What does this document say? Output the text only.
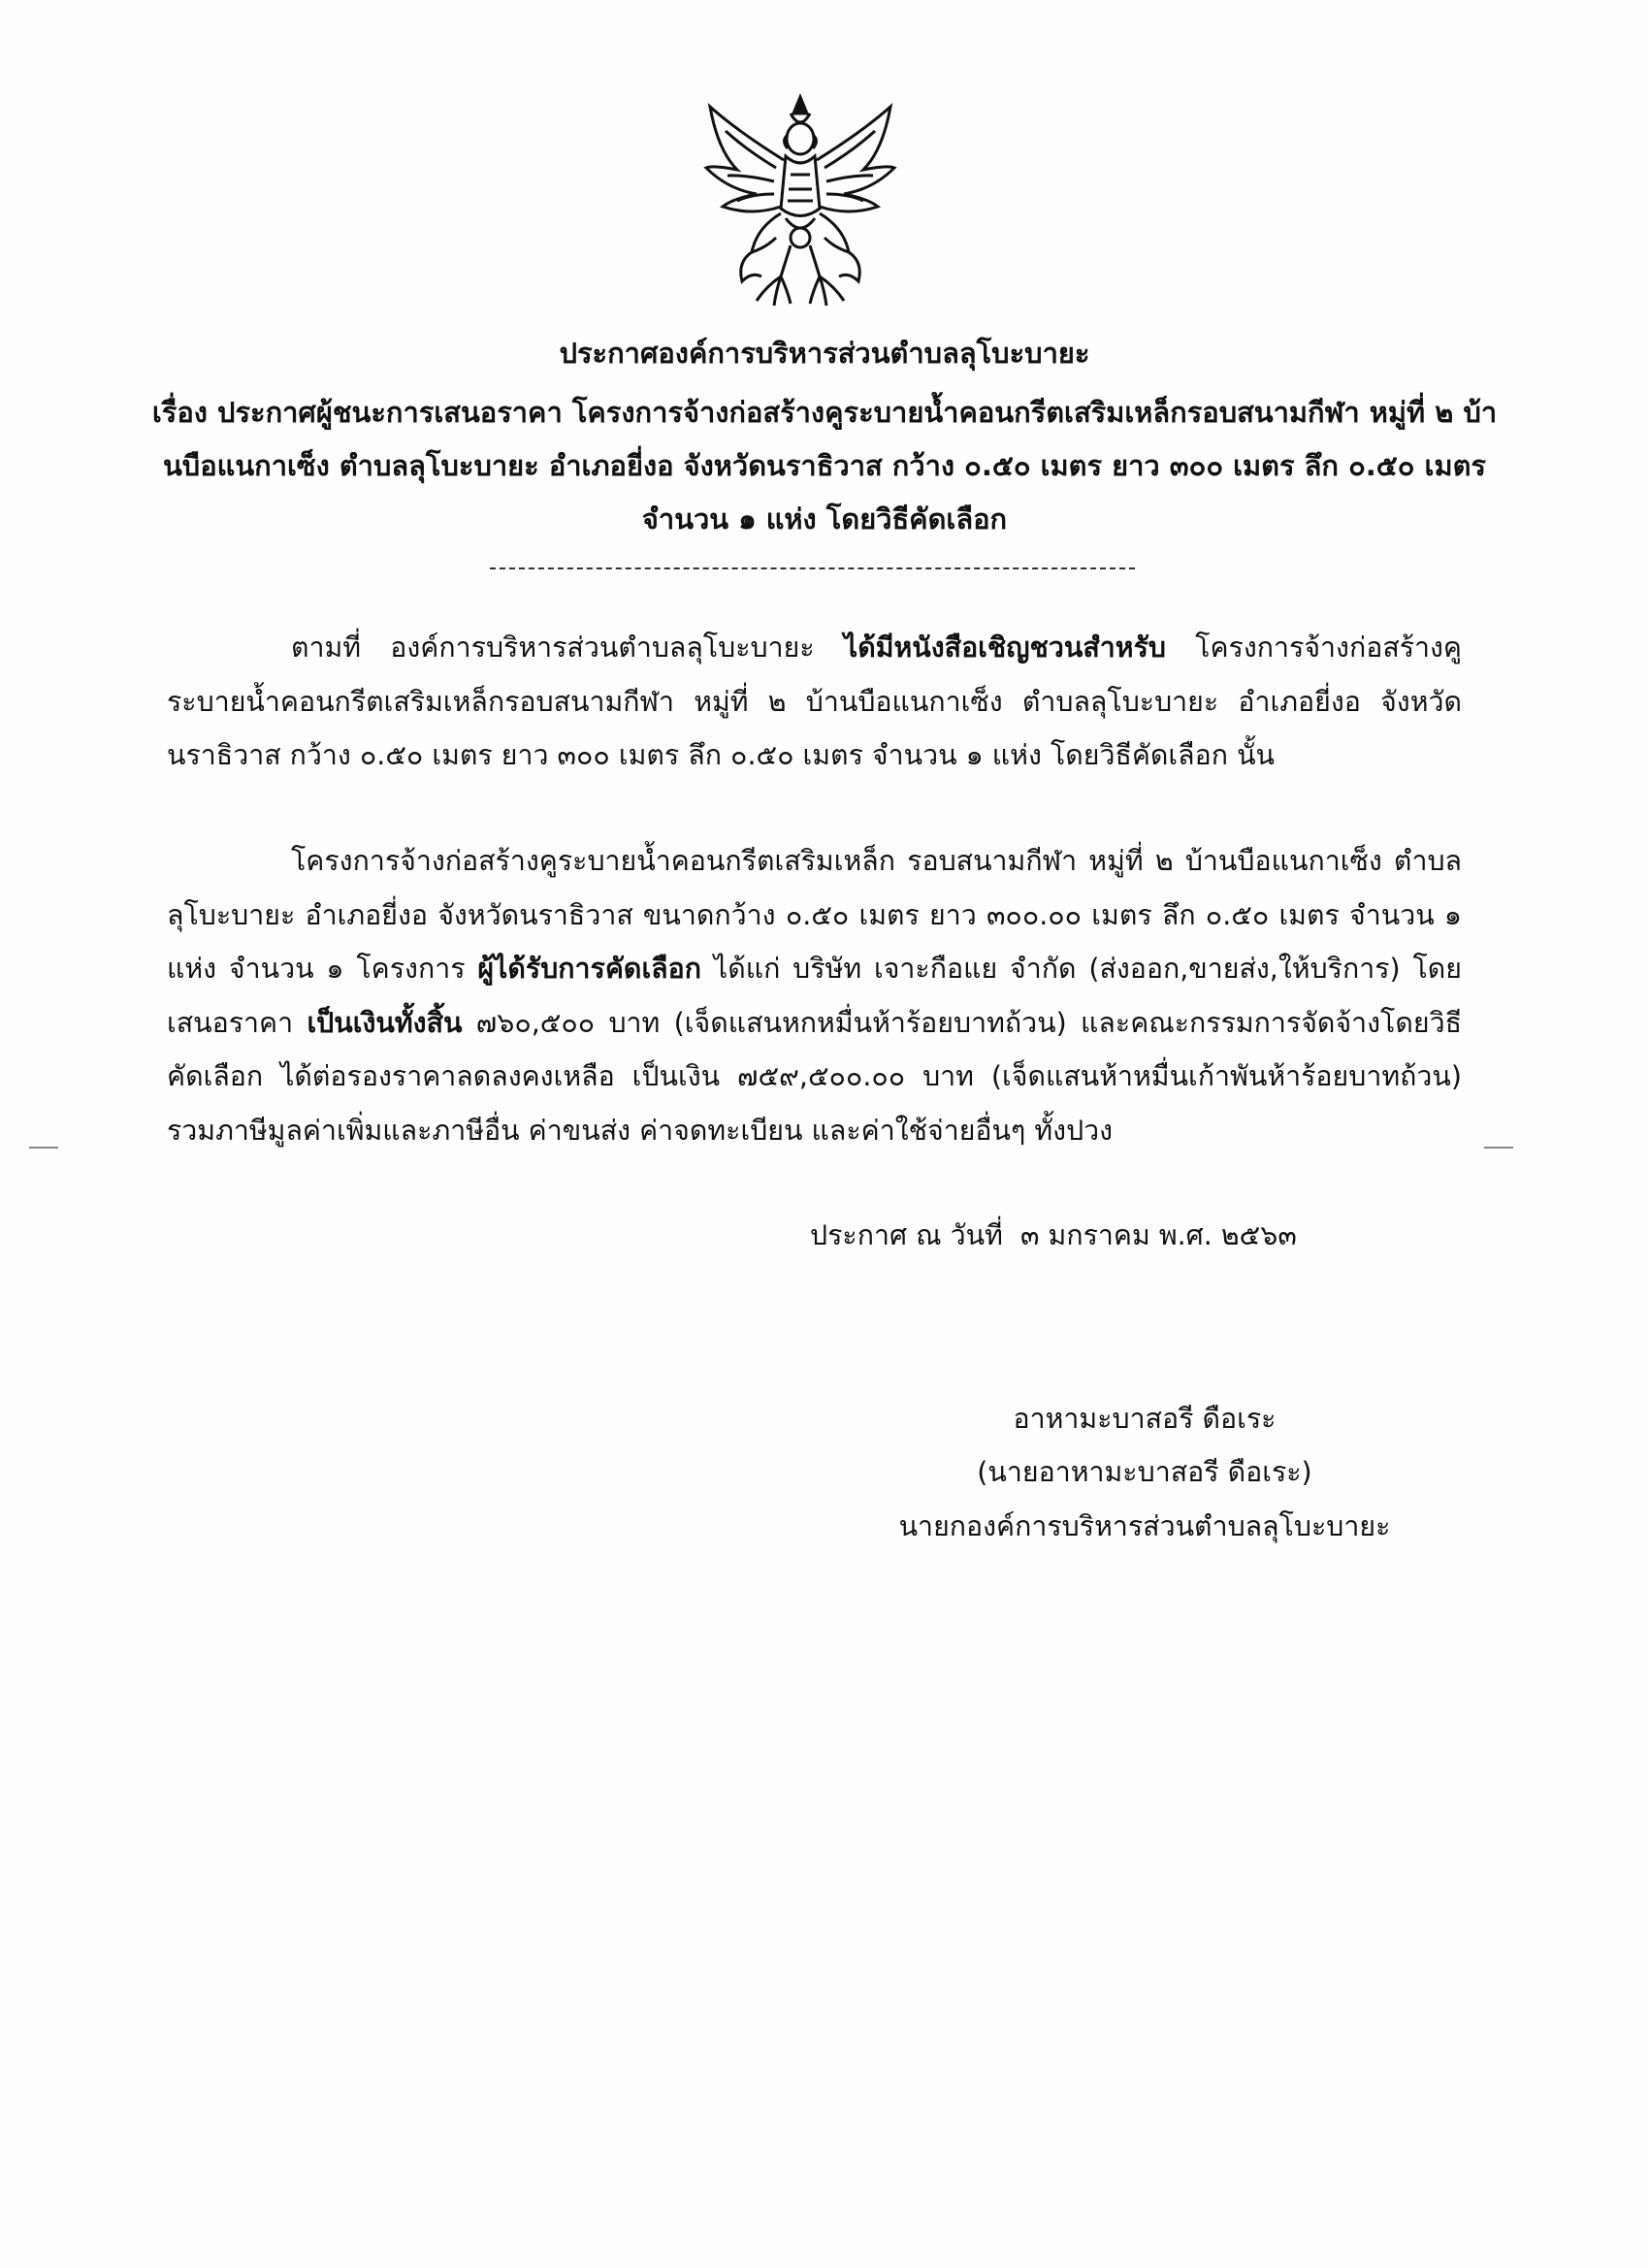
ประกาศองค์การบริหารส่วนตำบลลุโบะบายะ
เรื่อง ประกาศผู้ชนะการเสนอราคา โครงการจ้างก่อสร้างคูระบายน้ำคอนกรีตเสริมเหล็กรอบสนามกีฬา หมู่ที่ ๒ บ้านบือแนกาเซ็ง ตำบลลุโบะบายะ อำเภอยี่งอ จังหวัดนราธิวาส กว้าง ๐.๕๐ เมตร ยาว ๓๐๐ เมตร ลึก ๐.๕๐ เมตร จำนวน ๑ แห่ง โดยวิธีคัดเลือก
ตามที่ องค์การบริหารส่วนตำบลลุโบะบายะ ได้มีหนังสือเชิญชวนสำหรับ โครงการจ้างก่อสร้างคูระบายน้ำคอนกรีตเสริมเหล็กรอบสนามกีฬา หมู่ที่ ๒ บ้านบือแนกาเซ็ง ตำบลลุโบะบายะ อำเภอยี่งอ จังหวัดนราธิวาส กว้าง ๐.๕๐ เมตร ยาว ๓๐๐ เมตร ลึก ๐.๕๐ เมตร จำนวน ๑ แห่ง โดยวิธีคัดเลือก นั้น
โครงการจ้างก่อสร้างคูระบายน้ำคอนกรีตเสริมเหล็ก รอบสนามกีฬา หมู่ที่ ๒ บ้านบือแนกาเซ็ง ตำบลลุโบะบายะ อำเภอยี่งอ จังหวัดนราธิวาส ขนาดกว้าง ๐.๕๐ เมตร ยาว ๓๐๐.๐๐ เมตร ลึก ๐.๕๐ เมตร จำนวน ๑ แห่ง จำนวน ๑ โครงการ ผู้ได้รับการคัดเลือก ได้แก่ บริษัท เจาะกือแย จำกัด (ส่งออก,ขายส่ง,ให้บริการ) โดยเสนอราคา เป็นเงินทั้งสิ้น ๗๖๐,๕๐๐ บาท (เจ็ดแสนหกหมื่นห้าร้อยบาทถ้วน) และคณะกรรมการจัดจ้างโดยวิธีคัดเลือก ได้ต่อรองราคาลดลงคงเหลือ เป็นเงิน ๗๕๙,๕๐๐.๐๐ บาท (เจ็ดแสนห้าหมื่นเก้าพันห้าร้อยบาทถ้วน) รวมภาษีมูลค่าเพิ่มและภาษีอื่น ค่าขนส่ง ค่าจดทะเบียน และค่าใช้จ่ายอื่นๆ ทั้งปวง
ประกาศ ณ วันที่ ๓ มกราคม พ.ศ. ๒๕๖๓
อาหามะบาสอรี ดือเระ
(นายอาหามะบาสอรี ดือเระ)
นายกองค์การบริหารส่วนตำบลลุโบะบายะ
